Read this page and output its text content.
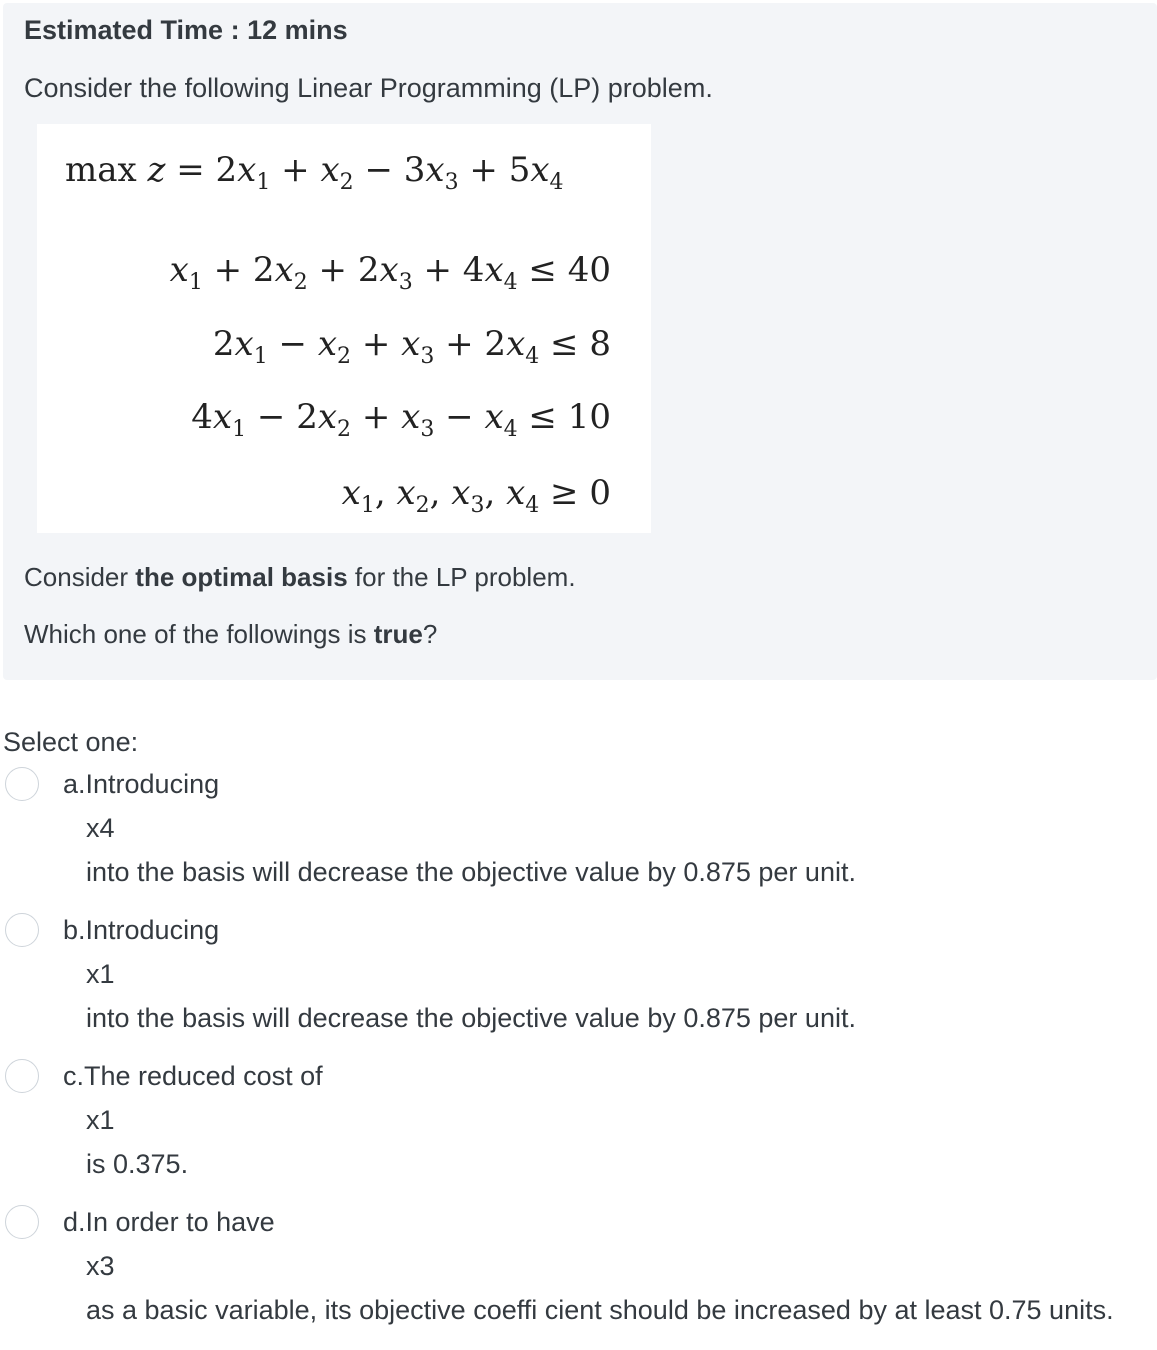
Estimated Time : 12 mins
Consider the following Linear Programming (LP) problem.
$\max z = 2x_1 + x_2 - 3x_3 + 5x_4$
$x_1 + 2x_2 + 2x_3 + 4x_4 \le 40$
$2x_1 - x_2 + x_3 + 2x_4 \le 8$
$4x_1 - 2x_2 + x_3 - x_4 \le 10$
$x_1$, $x_2$, $x_3$, $x_4 \ge 0$
Consider the optimal basis for the LP problem.
Which one of the followings is true?
Select one:
a.Introducing
x4
into the basis will decrease the objective value by 0.875 per unit.
b.Introducing
x1
into the basis will decrease the objective value by 0.875 per unit.
c.The reduced cost of
x1
is 0.375.
d.In order to have
x3
as a basic variable, its objective coeffi cient should be increased by at least 0.75 units.
